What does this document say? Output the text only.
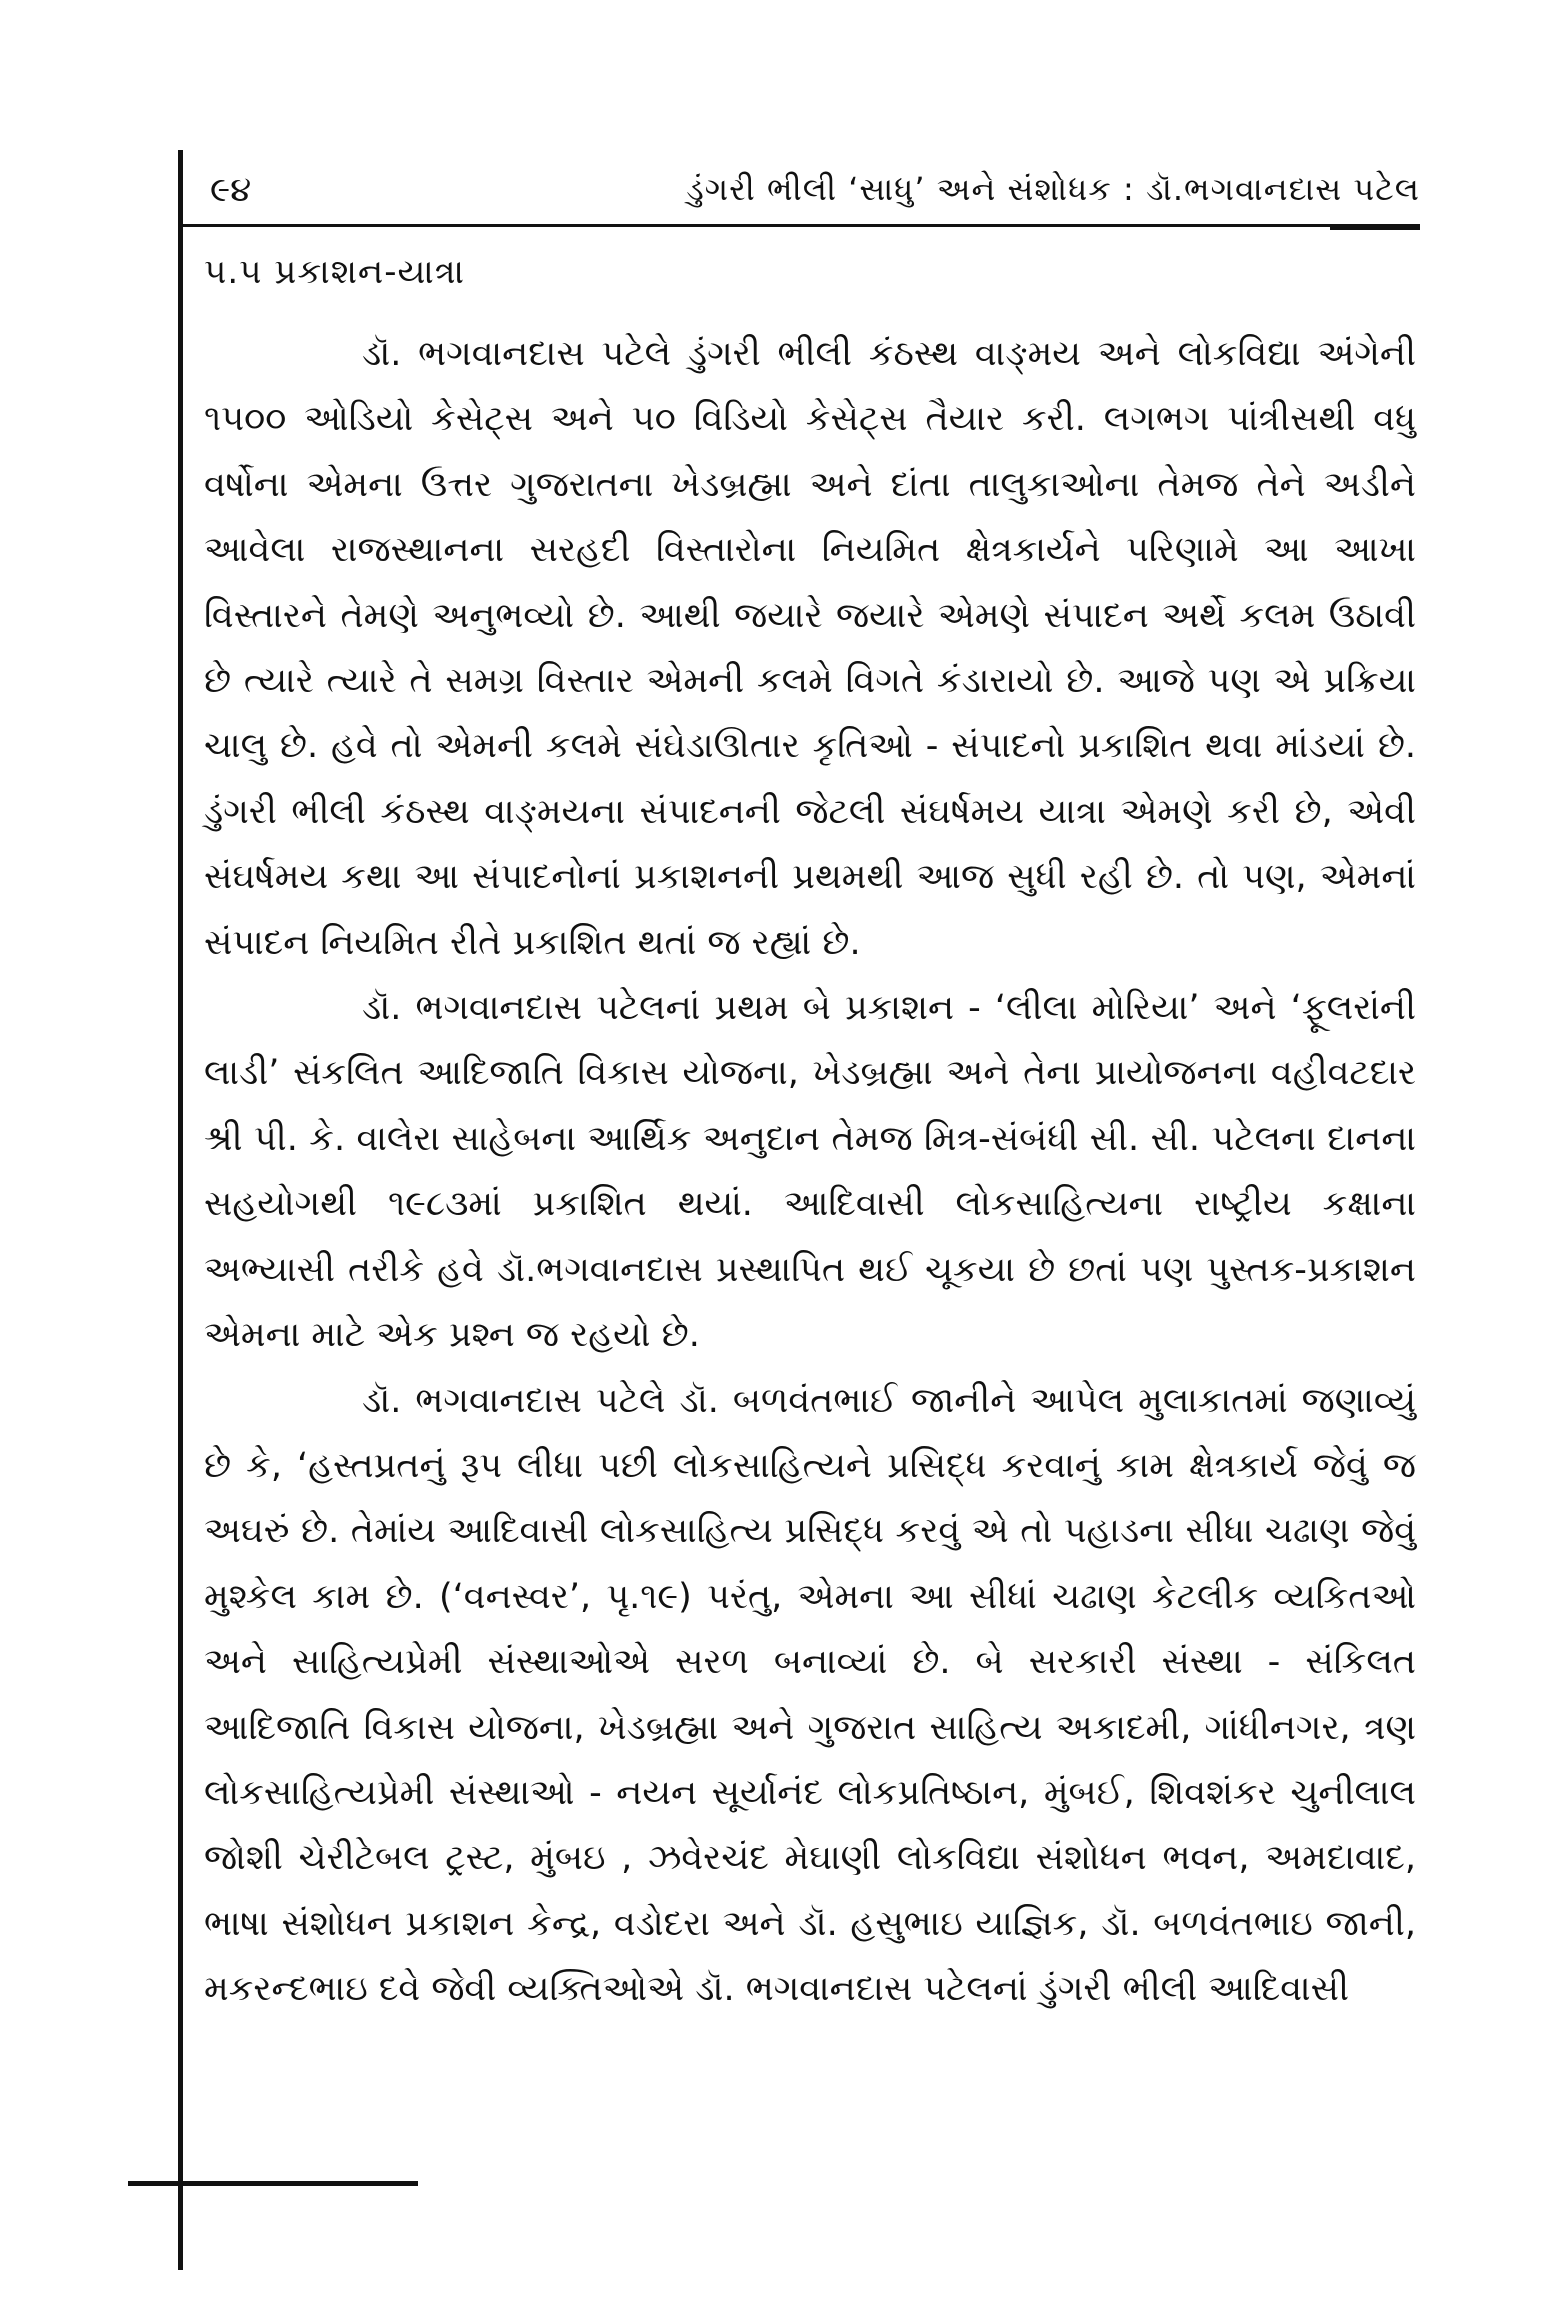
૯૪	ડુંગરી ભીલી ‘સાધુ’ અને સંશોધક : ડૉ.ભગવાનદાસ પટેલ
૫.૫ પ્રકાશન-યાત્રા

ડૉ. ભગવાનદાસ પટેલે ડુંગરી ભીલી કંઠસ્થ વાઙ્મય અને લોકવિદ્યા અંગેની ૧૫૦૦ ઓડિયો કેસેટ્સ અને ૫૦ વિડિયો કેસેટ્સ તૈયાર કરી. લગભગ પાંત્રીસથી વધુ વર્ષોના એમના ઉત્તર ગુજરાતના ખેડબ્રહ્મા અને દાંતા તાલુકાઓના તેમજ તેને અડીને આવેલા રાજસ્થાનના સરહદી વિસ્તારોના નિયમિત ક્ષેત્રકાર્યને પરિણામે આ આખા વિસ્તારને તેમણે અનુભવ્યો છે. આથી જયારે જયારે એમણે સંપાદન અર્થે કલમ ઉઠાવી છે ત્યારે ત્યારે તે સમગ્ર વિસ્તાર એમની કલમે વિગતે કંડારાયો છે. આજે પણ એ પ્રક્રિયા ચાલુ છે. હવે તો એમની કલમે સંઘેડાઊતાર કૃતિઓ - સંપાદનો પ્રકાશિત થવા માંડયાં છે. ડુંગરી ભીલી કંઠસ્થ વાઙ્મયના સંપાદનની જેટલી સંઘર્ષમય યાત્રા એમણે કરી છે, એવી સંઘર્ષમય કથા આ સંપાદનોનાં પ્રકાશનની પ્રથમથી આજ સુધી રહી છે. તો પણ, એમનાં સંપાદન નિયમિત રીતે પ્રકાશિત થતાં જ રહ્યાં છે.

ડૉ. ભગવાનદાસ પટેલનાં પ્રથમ બે પ્રકાશન - ‘લીલા મોરિયા’ અને ‘ફૂલરાંની લાડી’ સંકલિત આદિજાતિ વિકાસ યોજના, ખેડબ્રહ્મા અને તેના પ્રાયોજનના વહીવટદાર શ્રી પી. કે. વાલેરા સાહેબના આર્થિક અનુદાન તેમજ મિત્ર-સંબંધી સી. સી. પટેલના દાનના સહયોગથી ૧૯૮૩માં પ્રકાશિત થયાં. આદિવાસી લોકસાહિત્યના રાષ્ટ્રીય કક્ષાના અભ્યાસી તરીકે હવે ડૉ.ભગવાનદાસ પ્રસ્થાપિત થઈ ચૂકયા છે છતાં પણ પુસ્તક-પ્રકાશન એમના માટે એક પ્રશ્ન જ રહયો છે.

ડૉ. ભગવાનદાસ પટેલે ડૉ. બળવંતભાઈ જાનીને આપેલ મુલાકાતમાં જણાવ્યું છે કે, ‘હસ્તપ્રતનું રૂપ લીધા પછી લોકસાહિત્યને પ્રસિદ્ધ કરવાનું કામ ક્ષેત્રકાર્ય જેવું જ અઘરું છે. તેમાંય આદિવાસી લોકસાહિત્ય પ્રસિદ્ધ કરવું એ તો પહાડના સીધા ચઢાણ જેવું મુશ્કેલ કામ છે. (‘વનસ્વર’, પૃ.૧૯) પરંતુ, એમના આ સીધાં ચઢાણ કેટલીક વ્યકિતઓ અને સાહિત્યપ્રેમી સંસ્થાઓએ સરળ બનાવ્યાં છે. બે સરકારી સંસ્થા - સંકિલત આદિજાતિ વિકાસ યોજના, ખેડબ્રહ્મા અને ગુજરાત સાહિત્ય અકાદમી, ગાંધીનગર, ત્રણ લોકસાહિત્યપ્રેમી સંસ્થાઓ - નયન સૂર્યાનંદ લોકપ્રતિષ્ઠાન, મુંબઈ, શિવશંકર ચુનીલાલ જોશી ચેરીટેબલ ટ્રસ્ટ, મુંબઇ , ઝવેરચંદ મેઘાણી લોકવિદ્યા સંશોધન ભવન, અમદાવાદ, ભાષા સંશોધન પ્રકાશન કેન્દ્ર, વડોદરા અને ડૉ. હસુભાઇ યાજ્ઞિક, ડૉ. બળવંતભાઇ જાની, મકરન્દભાઇ દવે જેવી વ્યક્તિઓએ ડૉ. ભગવાનદાસ પટેલનાં ડુંગરી ભીલી આદિવાસી
